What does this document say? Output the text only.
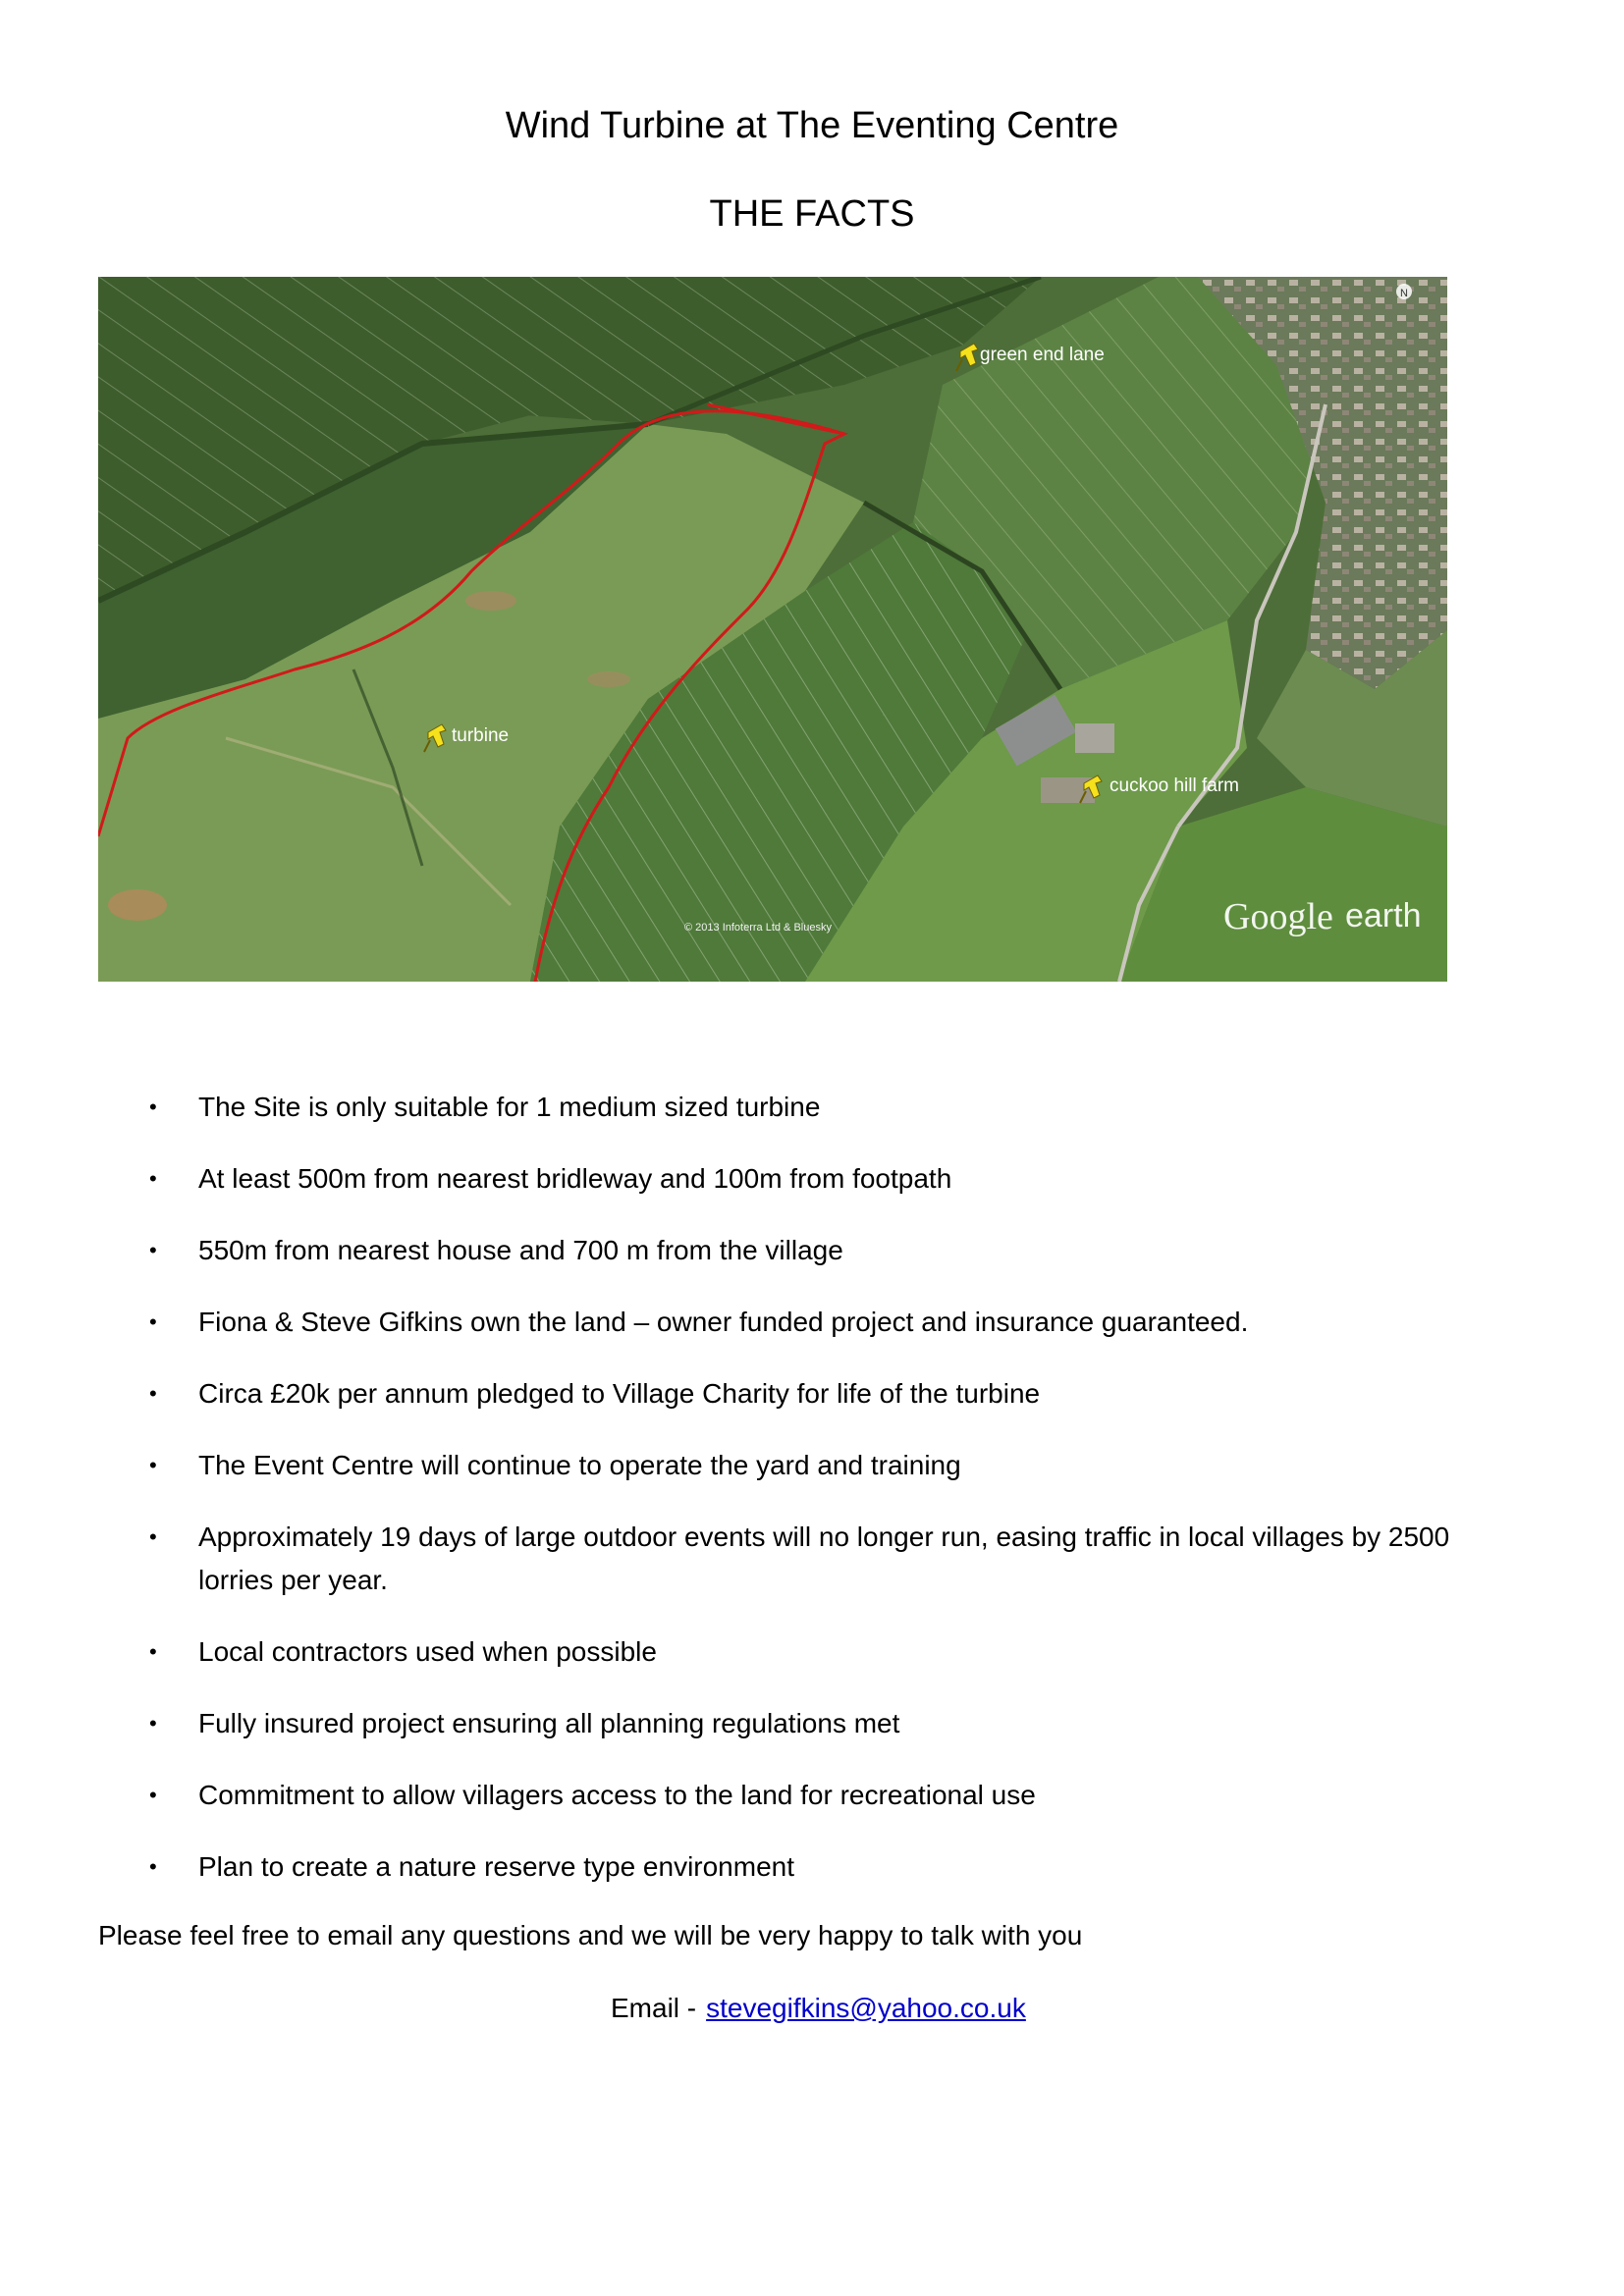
Wind Turbine at The Eventing Centre
THE FACTS
green end lane
turbine
cuckoo hill farm
N
© 2013 Infoterra Ltd & Bluesky	Google earth
• The Site is only suitable for 1 medium sized turbine
• At least 500m from nearest bridleway and 100m from footpath
• 550m from nearest house and 700 m from the village
• Fiona & Steve Gifkins own the land – owner funded project and insurance guaranteed.
• Circa £20k per annum pledged to Village Charity for life of the turbine
• The Event Centre will continue to operate the yard and training
• Approximately 19 days of large outdoor events will no longer run, easing traffic in local villages by 2500 lorries per year.
• Local contractors used when possible
• Fully insured project ensuring all planning regulations met
• Commitment to allow villagers access to the land for recreational use
• Plan to create a nature reserve type environment
Please feel free to email any questions and we will be very happy to talk with you
Email - stevegifkins@yahoo.co.uk
